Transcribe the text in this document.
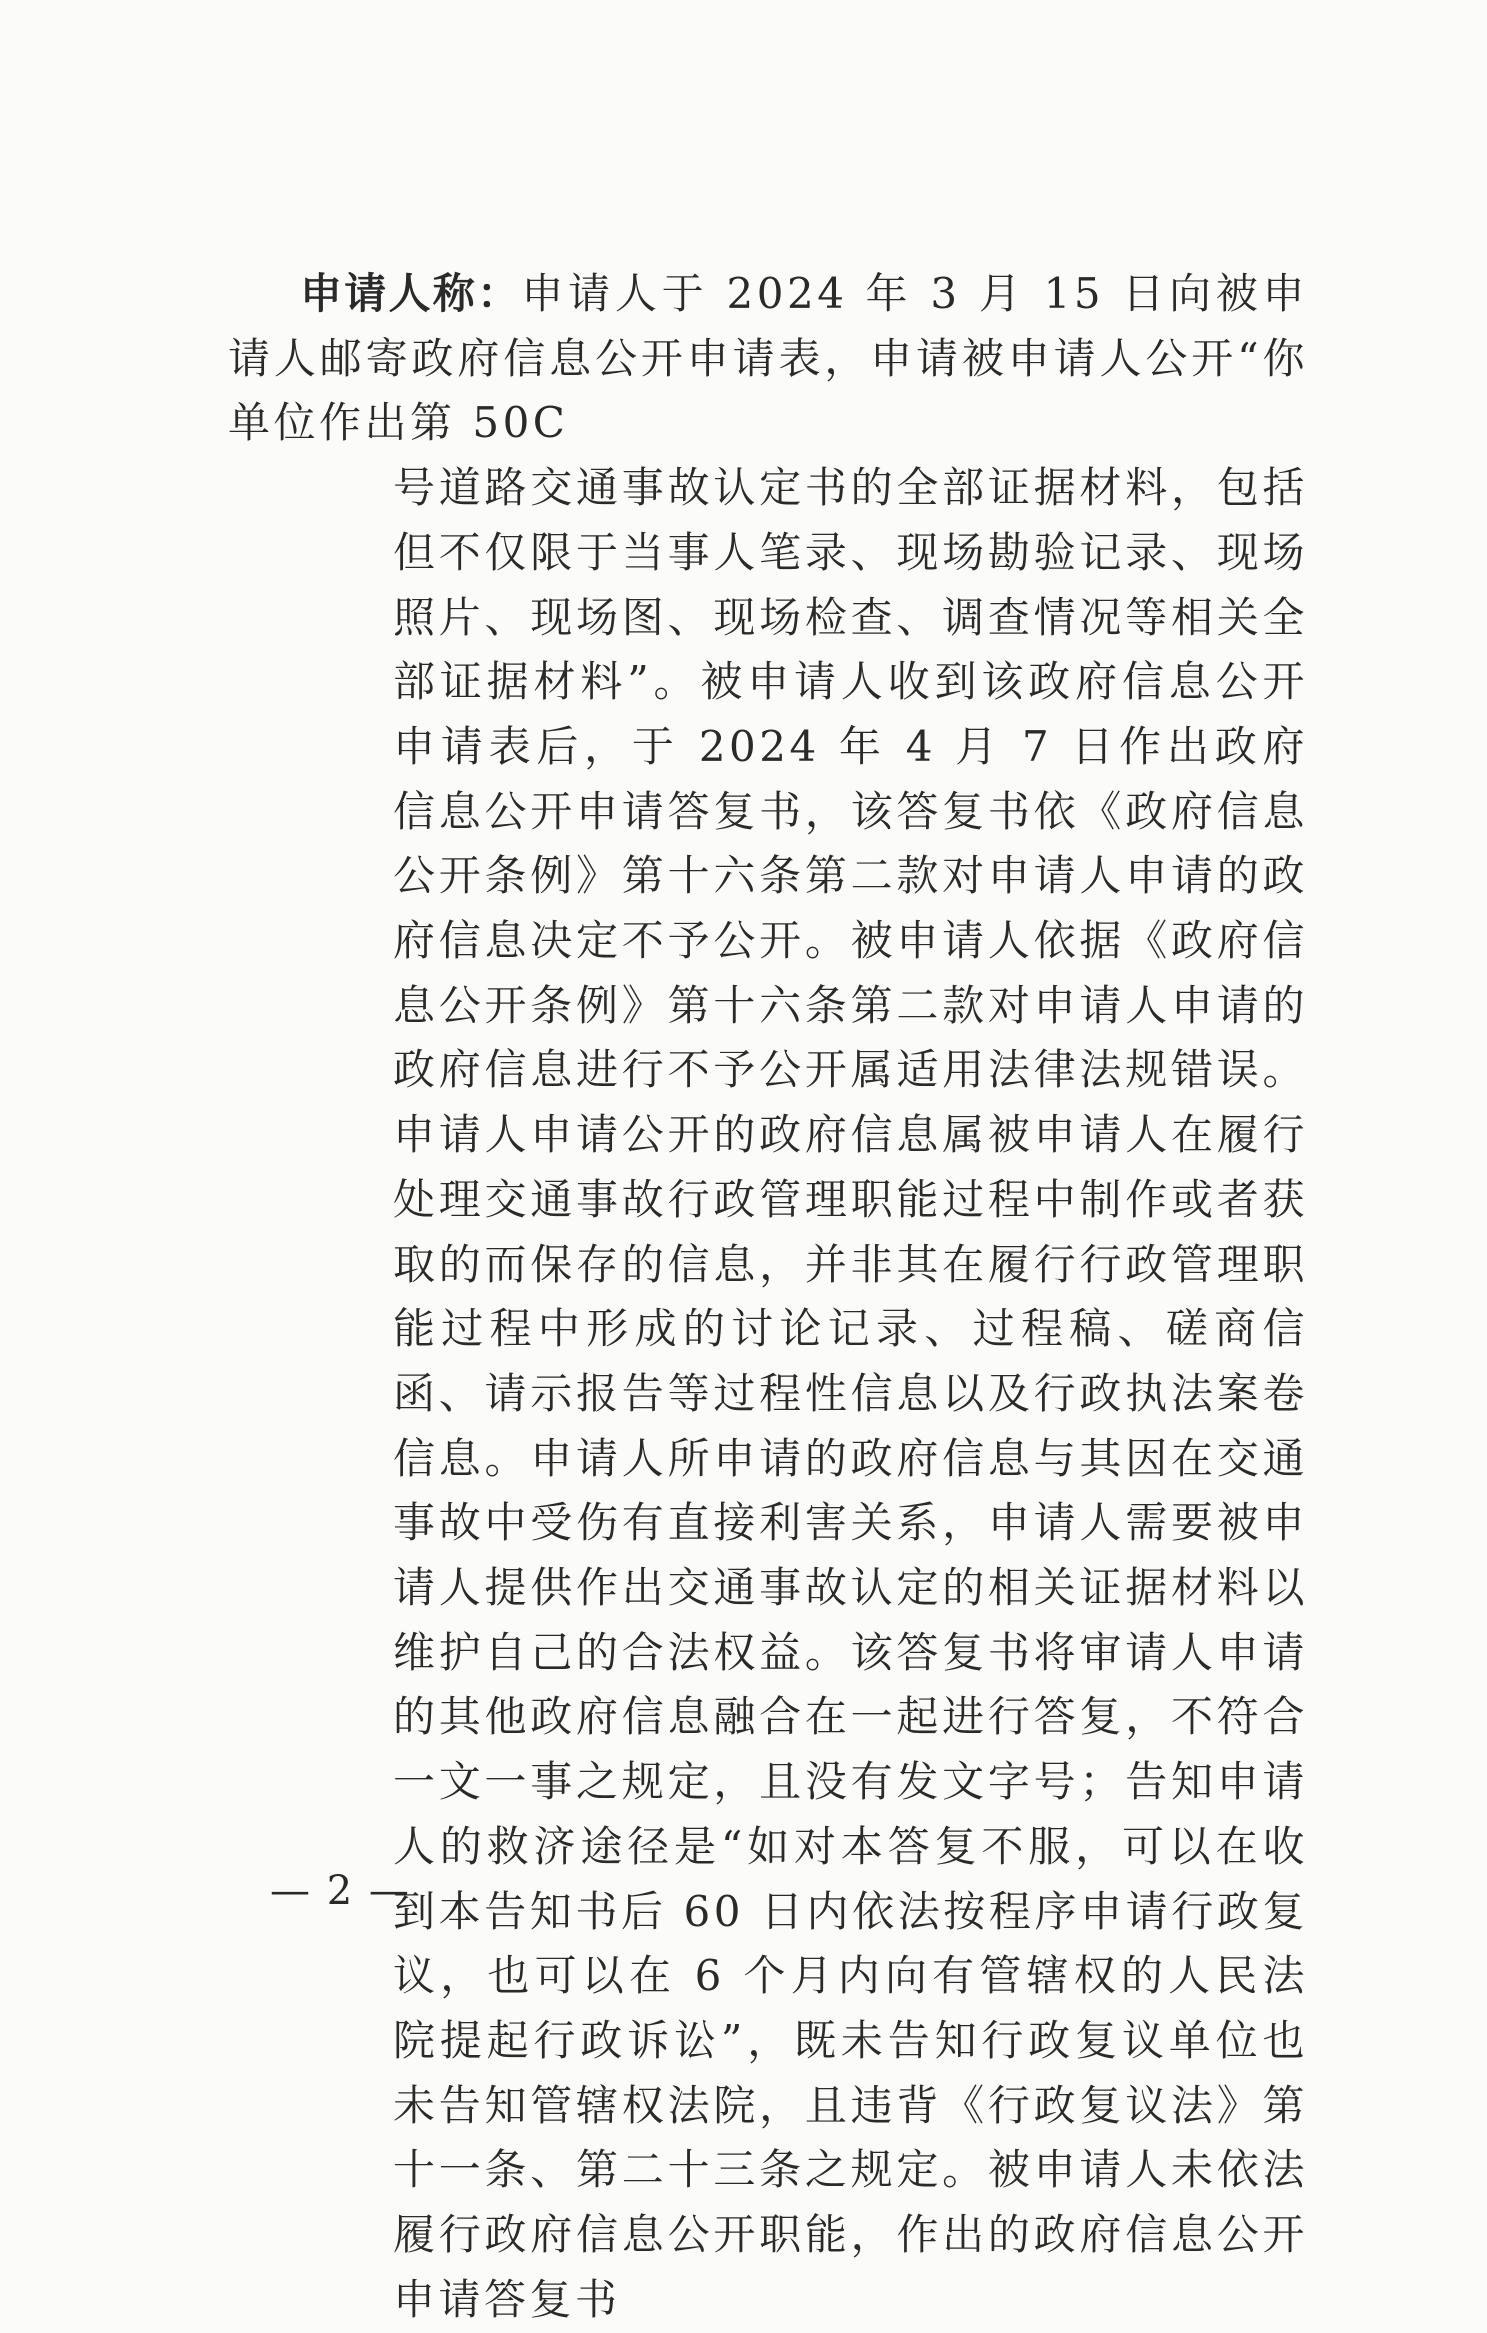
申请人称：申请人于 2024 年 3 月 15 日向被申请人邮寄政府信息公开申请表，申请被申请人公开“你单位作出第 50C

号道路交通事故认定书的全部证据材料，包括但不仅限于当事人笔录、现场勘验记录、现场照片、现场图、现场检查、调查情况等相关全部证据材料”。被申请人收到该政府信息公开申请表后，于 2024 年 4 月 7 日作出政府信息公开申请答复书，该答复书依《政府信息公开条例》第十六条第二款对申请人申请的政府信息决定不予公开。被申请人依据《政府信息公开条例》第十六条第二款对申请人申请的政府信息进行不予公开属适用法律法规错误。申请人申请公开的政府信息属被申请人在履行处理交通事故行政管理职能过程中制作或者获取的而保存的信息，并非其在履行行政管理职能过程中形成的讨论记录、过程稿、磋商信函、请示报告等过程性信息以及行政执法案卷信息。申请人所申请的政府信息与其因在交通事故中受伤有直接利害关系，申请人需要被申请人提供作出交通事故认定的相关证据材料以维护自己的合法权益。该答复书将审请人申请的其他政府信息融合在一起进行答复，不符合一文一事之规定，且没有发文字号；告知申请人的救济途径是“如对本答复不服，可以在收到本告知书后 60 日内依法按程序申请行政复议，也可以在 6 个月内向有管辖权的人民法院提起行政诉讼”，既未告知行政复议单位也未告知管辖权法院，且违背《行政复议法》第十一条、第二十三条之规定。被申请人未依法履行政府信息公开职能，作出的政府信息公开申请答复书

— 2 —
